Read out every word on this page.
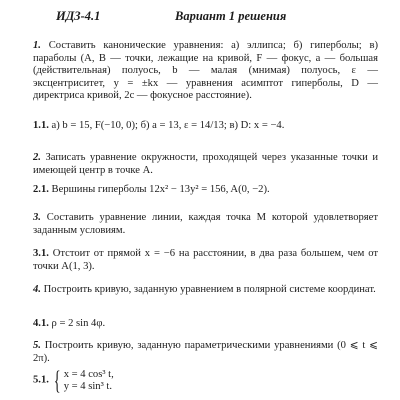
ИДЗ-4.1	Вариант 1 решения
1. Составить канонические уравнения: а) эллипса; б) гиперболы; в) параболы (A, B — точки, лежащие на кривой, F — фокус, a — большая (действительная) полуось, b — малая (мнимая) полуось, ε — эксцентриситет, y = ±kx — уравнения асимптот гиперболы, D — директриса кривой, 2c — фокусное расстояние).
1.1. а) b = 15, F(−10, 0); б) a = 13, ε = 14/13; в) D: x = −4.
2. Записать уравнение окружности, проходящей через указанные точки и имеющей центр в точке A.
2.1. Вершины гиперболы 12x² − 13y² = 156, A(0, −2).
3. Составить уравнение линии, каждая точка M которой удовлетворяет заданным условиям.
3.1. Отстоит от прямой x = −6 на расстоянии, в два раза большем, чем от точки A(1, 3).
4. Построить кривую, заданную уравнением в полярной системе координат.
4.1. ρ = 2 sin 4φ.
5. Построить кривую, заданную параметрическими уравнениями (0 ⩽ t ⩽ 2π).
5.1. { x = 4 cos³ t,
y = 4 sin³ t.
